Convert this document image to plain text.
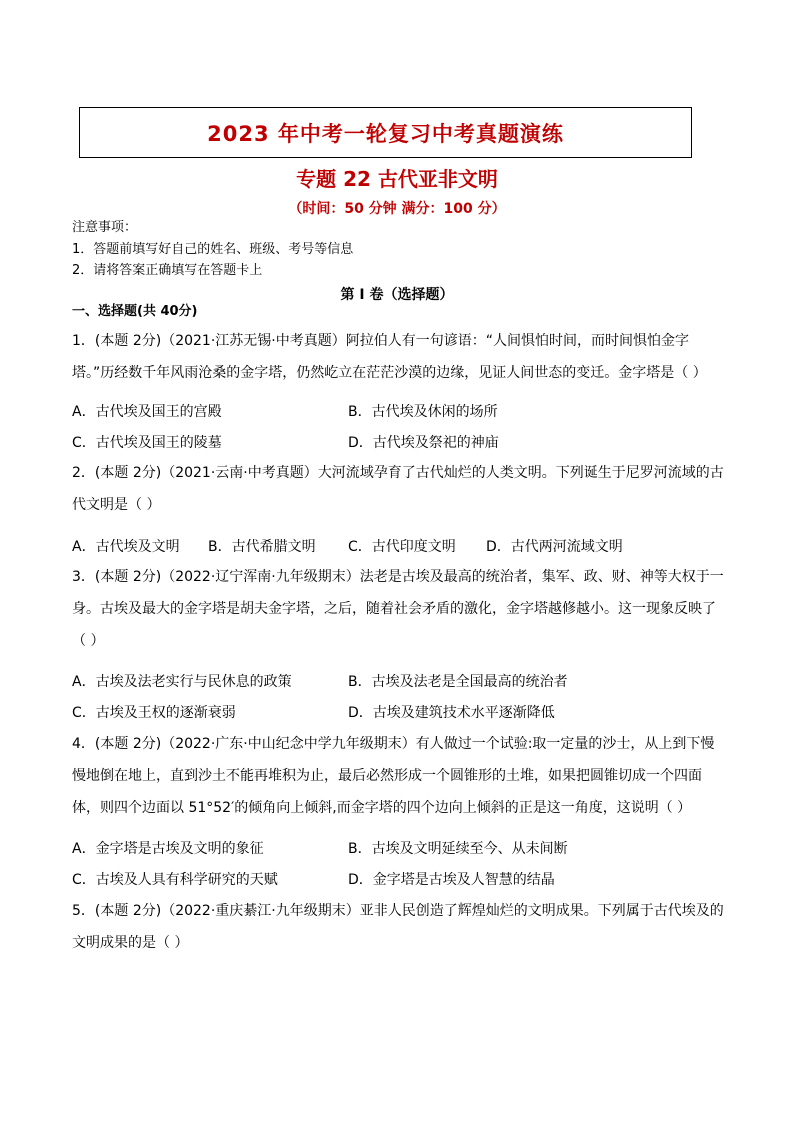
2023 年中考一轮复习中考真题演练
专题 22 古代亚非文明
（时间：50 分钟 满分：100 分）
注意事项：
1．答题前填写好自己的姓名、班级、考号等信息
2．请将答案正确填写在答题卡上
第 I 卷（选择题）
一、选择题(共 40分)
1．(本题 2分)（2021·江苏无锡·中考真题）阿拉伯人有一句谚语：“人间惧怕时间，而时间惧怕金字塔。”历经数千年风雨沧桑的金字塔，仍然屹立在茫茫沙漠的边缘，见证人间世态的变迁。金字塔是（ ）
A．古代埃及国王的宫殿	B．古代埃及休闲的场所
C．古代埃及国王的陵墓	D．古代埃及祭祀的神庙
2．(本题 2分)（2021·云南·中考真题）大河流域孕育了古代灿烂的人类文明。下列诞生于尼罗河流域的古代文明是（ ）
A．古代埃及文明 B．古代希腊文明 C．古代印度文明 D．古代两河流域文明
3．(本题 2分)（2022·辽宁浑南·九年级期末）法老是古埃及最高的统治者，集军、政、财、神等大权于一身。古埃及最大的金字塔是胡夫金字塔，之后，随着社会矛盾的激化，金字塔越修越小。这一现象反映了（ ）
A．古埃及法老实行与民休息的政策	B．古埃及法老是全国最高的统治者
C．古埃及王权的逐渐衰弱	D．古埃及建筑技术水平逐渐降低
4．(本题 2分)（2022·广东·中山纪念中学九年级期末）有人做过一个试验:取一定量的沙士，从上到下慢慢地倒在地上，直到沙土不能再堆积为止，最后必然形成一个圆锥形的土堆，如果把圆锥切成一个四面体，则四个边面以 51°52′的倾角向上倾斜,而金字塔的四个边向上倾斜的正是这一角度，这说明（ ）
A．金字塔是古埃及文明的象征	B．古埃及文明延续至今、从未间断
C．古埃及人具有科学研究的天赋	D．金字塔是古埃及人智慧的结晶
5．(本题 2分)（2022·重庆綦江·九年级期末）亚非人民创造了辉煌灿烂的文明成果。下列属于古代埃及的文明成果的是（ ）
